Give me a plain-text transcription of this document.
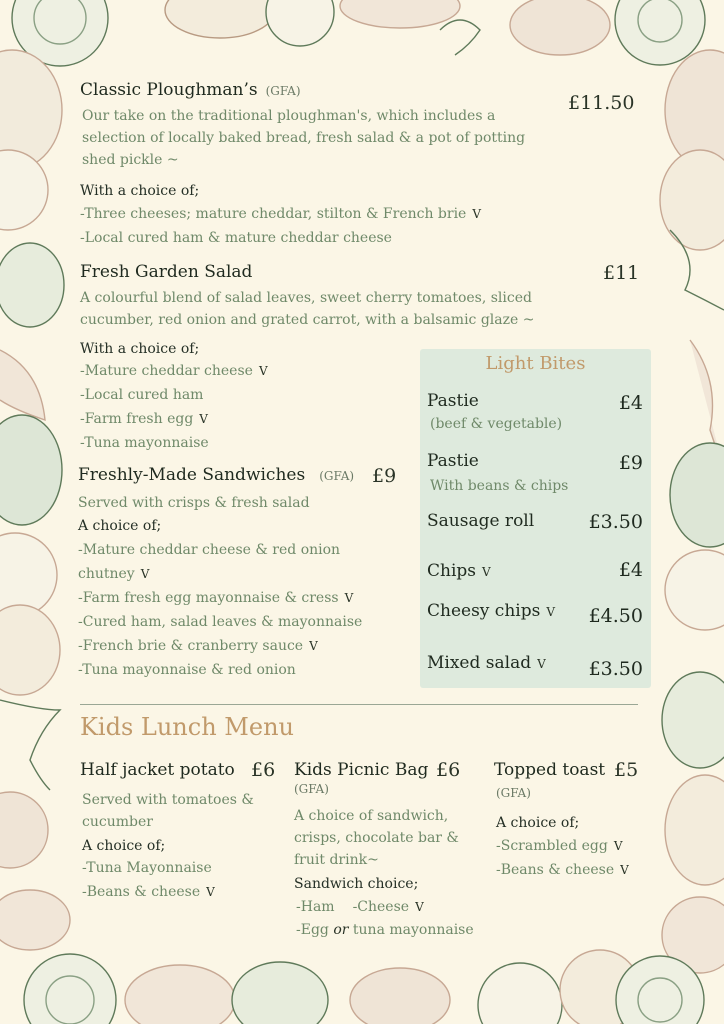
Classic Ploughman’s (GFA)
£11.50
Our take on the traditional ploughman's, which includes a selection of locally baked bread, fresh salad & a pot of potting shed pickle ~
With a choice of;
-Three cheeses; mature cheddar, stilton & French brie V
-Local cured ham & mature cheddar cheese
Fresh Garden Salad	£11
A colourful blend of salad leaves, sweet cherry tomatoes, sliced cucumber, red onion and grated carrot, with a balsamic glaze ~
With a choice of;
-Mature cheddar cheese V
-Local cured ham
-Farm fresh egg V
-Tuna mayonnaise
Freshly-Made Sandwiches (GFA) £9
Served with crisps & fresh salad
A choice of;
-Mature cheddar cheese & red onion
chutney V
-Farm fresh egg mayonnaise & cress V
-Cured ham, salad leaves & mayonnaise
-French brie & cranberry sauce V
-Tuna mayonnaise & red onion
Light Bites
Pastie	£4
(beef & vegetable)
Pastie	£9
With beans & chips
Sausage roll	£3.50
Chips V	£4
Cheesy chips V £4.50
Mixed salad V £3.50
Kids Lunch Menu
Half jacket potato £6
Served with tomatoes & cucumber
A choice of;
-Tuna Mayonnaise
-Beans & cheese V
Kids Picnic Bag £6
(GFA)
A choice of sandwich, crisps, chocolate bar & fruit drink~
Sandwich choice;
-Ham -Cheese V
-Egg or tuna mayonnaise
Topped toast £5
(GFA)
A choice of;
-Scrambled egg V
-Beans & cheese V
